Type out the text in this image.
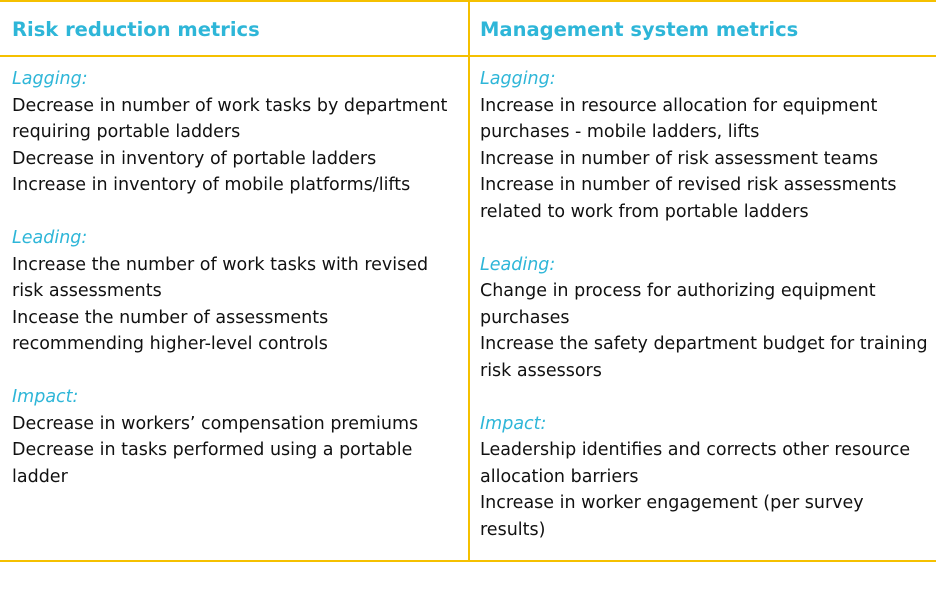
Risk reduction metrics	Management system metrics
Lagging:
Decrease in number of work tasks by department requiring portable ladders
Decrease in inventory of portable ladders
Increase in inventory of mobile platforms/lifts
Leading:
Increase the number of work tasks with revised risk assessments
Incease the number of assessments recommending higher-level controls
Impact:
Decrease in workers’ compensation premiums
Decrease in tasks performed using a portable ladder
Lagging:
Increase in resource allocation for equipment purchases - mobile ladders, lifts
Increase in number of risk assessment teams
Increase in number of revised risk assessments related to work from portable ladders
Leading:
Change in process for authorizing equipment purchases
Increase the safety department budget for training risk assessors
Impact:
Leadership identifies and corrects other resource allocation barriers
Increase in worker engagement (per survey results)
